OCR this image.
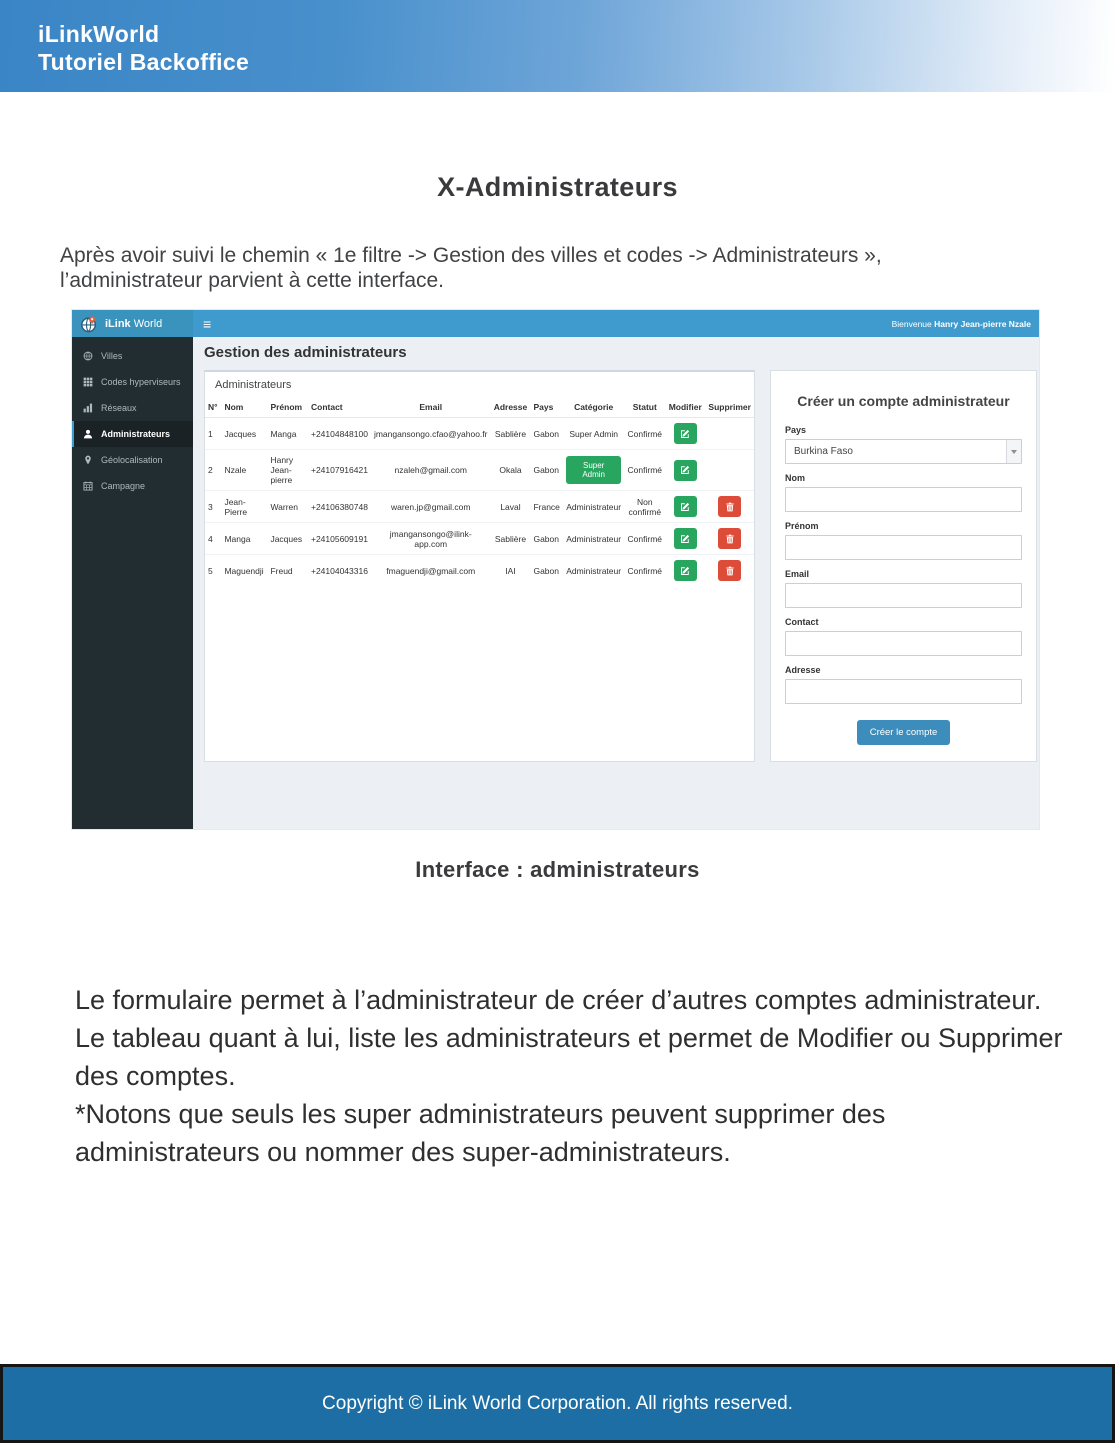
iLinkWorld
Tutoriel Backoffice
X-Administrateurs

Après avoir suivi le chemin « 1e filtre -> Gestion des villes et codes -> Administrateurs »,
l’administrateur parvient à cette interface.

iLink World	≡	Bienvenue Hanry Jean-pierre Nzale
Villes
Codes hyperviseurs
Réseaux
Administrateurs
Géolocalisation
Campagne
Gestion des administrateurs
Administrateurs
N°	Nom	Prénom	Contact	Email	Adresse	Pays	Catégorie	Statut	Modifier	Supprimer
1	Jacques	Manga	+24104848100	jmangansongo.cfao@yahoo.fr	Sablière	Gabon	Super Admin	Confirmé	

2	Nzale	Hanry Jean-pierre	+24107916421	nzaleh@gmail.com	Okala	Gabon	Super Admin	Confirmé	

3	Jean-Pierre	Warren	+24106380748	waren.jp@gmail.com	Laval	France	Administrateur	Non confirmé	

4	Manga	Jacques	+24105609191	jmangansongo@ilink-app.com	Sablière	Gabon	Administrateur	Confirmé	

5	Maguendji	Freud	+24104043316	fmaguendji@gmail.com	IAI	Gabon	Administrateur	Confirmé	

Créer un compte administrateur
Pays
Burkina Faso
Nom
Prénom
Email
Contact
Adresse
Créer le compte
Interface : administrateurs
Le formulaire permet à l’administrateur de créer d’autres comptes administrateur.
Le tableau quant à lui, liste les administrateurs et permet de Modifier ou Supprimer des comptes.
*Notons que seuls les super administrateurs peuvent supprimer des administrateurs ou nommer des super-administrateurs.
Copyright © iLink World Corporation. All rights reserved.
